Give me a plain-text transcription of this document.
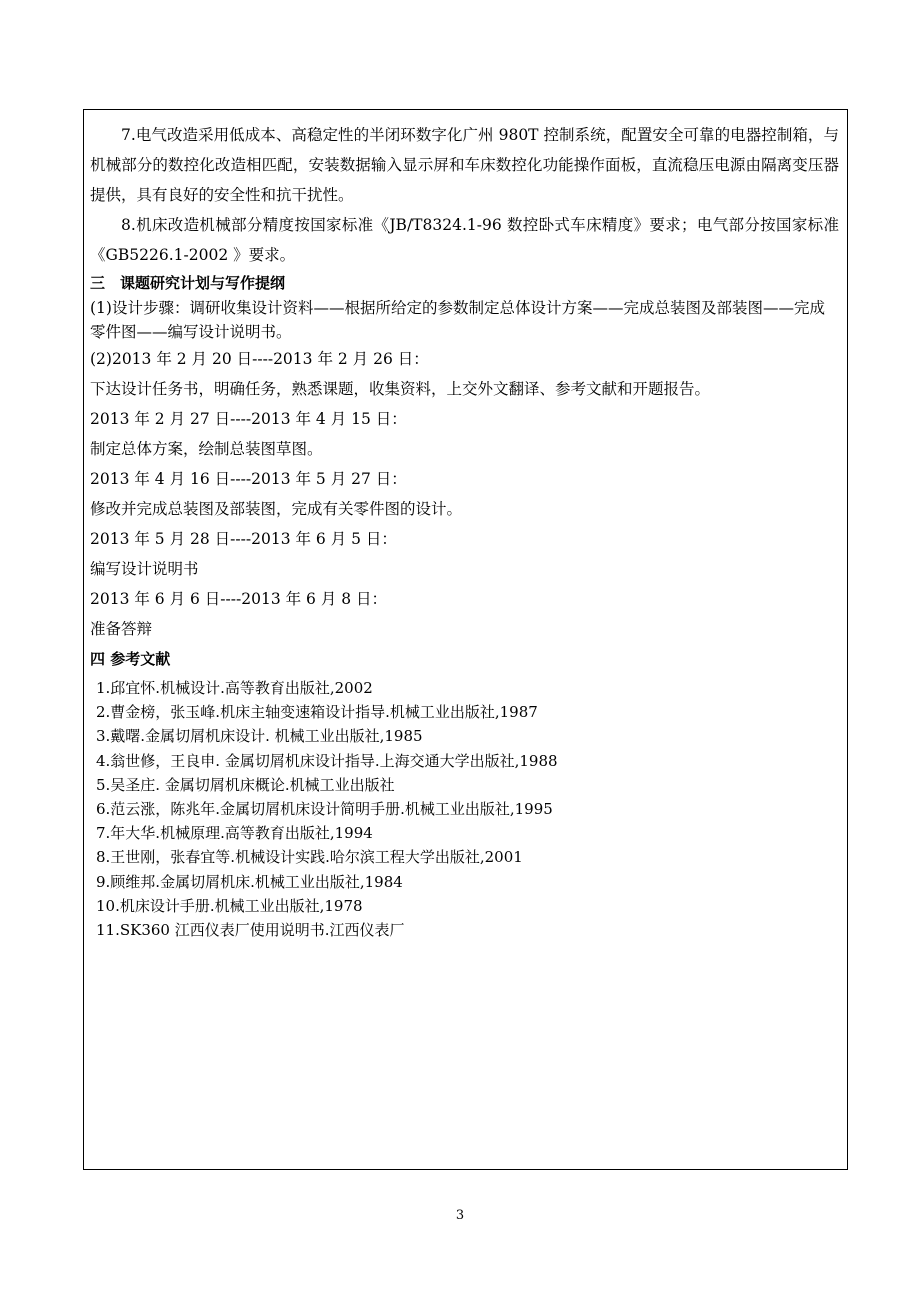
7.电气改造采用低成本、高稳定性的半闭环数字化广州 980T 控制系统，配置安全可靠的电器控制箱，与机械部分的数控化改造相匹配，安装数据输入显示屏和车床数控化功能操作面板，直流稳压电源由隔离变压器提供，具有良好的安全性和抗干扰性。

8.机床改造机械部分精度按国家标准《JB/T8324.1-96 数控卧式车床精度》要求；电气部分按国家标准《GB5226.1-2002 》要求。

三　课题研究计划与写作提纲

(1)设计步骤：调研收集设计资料——根据所给定的参数制定总体设计方案——完成总装图及部装图——完成零件图——编写设计说明书。

(2)2013 年 2 月 20 日----2013 年 2 月 26 日：

下达设计任务书，明确任务，熟悉课题，收集资料，上交外文翻译、参考文献和开题报告。

2013 年 2 月 27 日----2013 年 4 月 15 日：

制定总体方案，绘制总装图草图。

2013 年 4 月 16 日----2013 年 5 月 27 日：

修改并完成总装图及部装图，完成有关零件图的设计。

2013 年 5 月 28 日----2013 年 6 月 5 日：

编写设计说明书

2013 年 6 月 6 日----2013 年 6 月 8 日：

准备答辩

四 参考文献

1.邱宜怀.机械设计.高等教育出版社,2002
2.曹金榜，张玉峰.机床主轴变速箱设计指导.机械工业出版社,1987
3.戴曙.金属切屑机床设计. 机械工业出版社,1985
4.翁世修，王良申. 金属切屑机床设计指导.上海交通大学出版社,1988
5.吴圣庄. 金属切屑机床概论.机械工业出版社
6.范云涨，陈兆年.金属切屑机床设计简明手册.机械工业出版社,1995
7.年大华.机械原理.高等教育出版社,1994
8.王世刚，张春宜等.机械设计实践.哈尔滨工程大学出版社,2001
9.顾维邦.金属切屑机床.机械工业出版社,1984
10.机床设计手册.机械工业出版社,1978
11.SK360 江西仪表厂使用说明书.江西仪表厂
3
